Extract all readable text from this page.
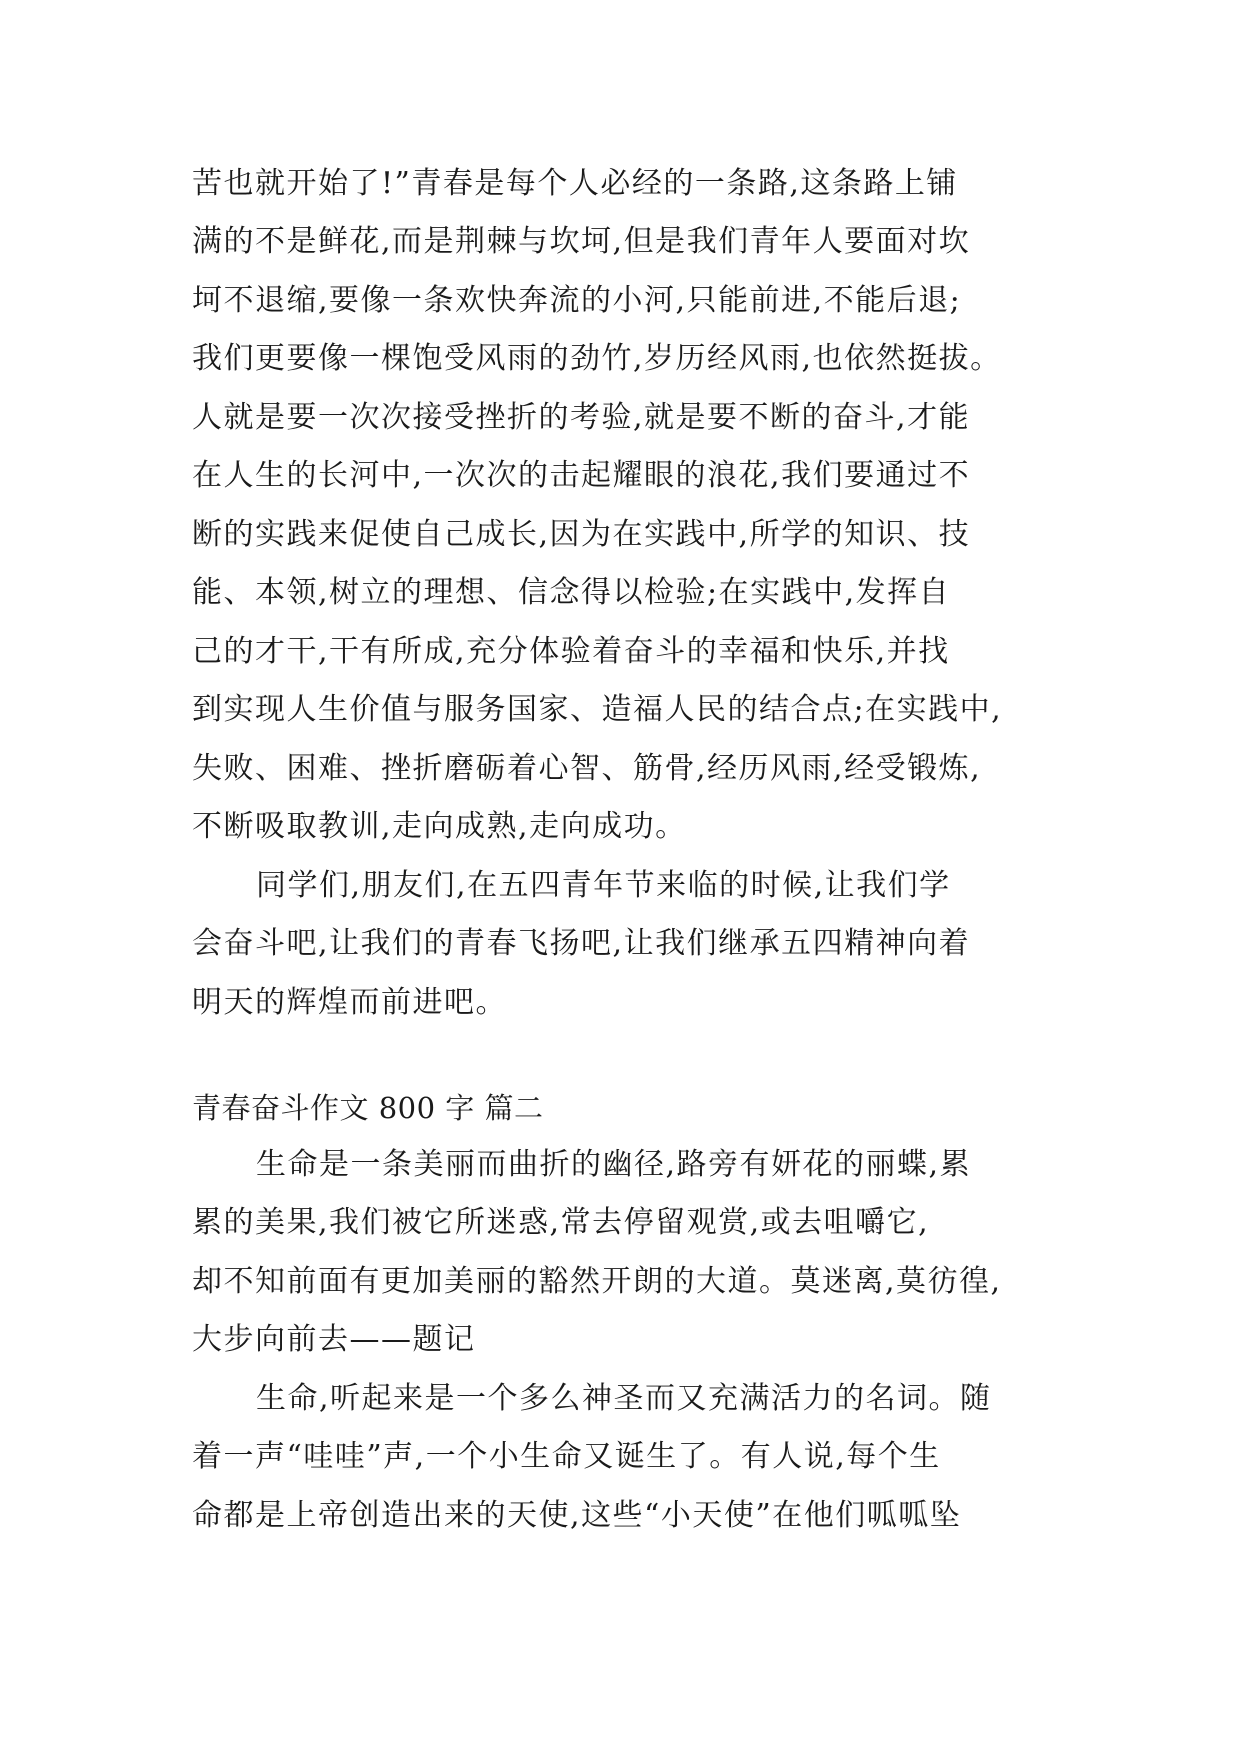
苦也就开始了!”青春是每个人必经的一条路,这条路上铺
满的不是鲜花,而是荆棘与坎坷,但是我们青年人要面对坎
坷不退缩,要像一条欢快奔流的小河,只能前进,不能后退;
我们更要像一棵饱受风雨的劲竹,岁历经风雨,也依然挺拔。
人就是要一次次接受挫折的考验,就是要不断的奋斗,才能
在人生的长河中,一次次的击起耀眼的浪花,我们要通过不
断的实践来促使自己成长,因为在实践中,所学的知识、技
能、本领,树立的理想、信念得以检验;在实践中,发挥自
己的才干,干有所成,充分体验着奋斗的幸福和快乐,并找
到实现人生价值与服务国家、造福人民的结合点;在实践中,
失败、困难、挫折磨砺着心智、筋骨,经历风雨,经受锻炼,
不断吸取教训,走向成熟,走向成功。
同学们,朋友们,在五四青年节来临的时候,让我们学
会奋斗吧,让我们的青春飞扬吧,让我们继承五四精神向着
明天的辉煌而前进吧。
青春奋斗作文 800 字 篇二
生命是一条美丽而曲折的幽径,路旁有妍花的丽蝶,累
累的美果,我们被它所迷惑,常去停留观赏,或去咀嚼它,
却不知前面有更加美丽的豁然开朗的大道。莫迷离,莫彷徨,
大步向前去——题记
生命,听起来是一个多么神圣而又充满活力的名词。随
着一声“哇哇”声,一个小生命又诞生了。有人说,每个生
命都是上帝创造出来的天使,这些“小天使”在他们呱呱坠
